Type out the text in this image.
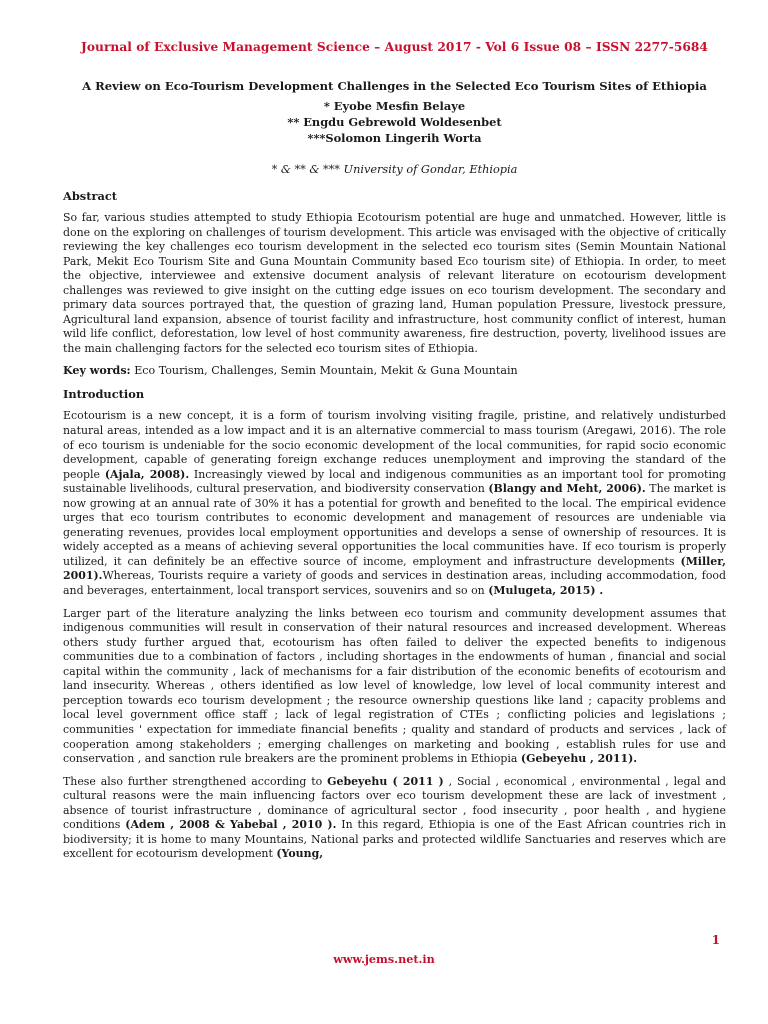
Journal of Exclusive Management Science – August 2017 - Vol 6 Issue 08 – ISSN 2277-5684
A Review on Eco-Tourism Development Challenges in the Selected Eco Tourism Sites of Ethiopia
* Eyobe Mesfin Belaye
** Engdu Gebrewold Woldesenbet
***Solomon Lingerih Worta
* & ** & *** University of Gondar, Ethiopia
Abstract

So far, various studies attempted to study Ethiopia Ecotourism potential are huge and unmatched. However, little is done on the exploring on challenges of tourism development. This article was envisaged with the objective of critically reviewing the key challenges eco tourism development in the selected eco tourism sites (Semin Mountain National Park, Mekit Eco Tourism Site and Guna Mountain Community based Eco tourism site) of Ethiopia. In order, to meet the objective, interviewee and extensive document analysis of relevant literature on ecotourism development challenges was reviewed to give insight on the cutting edge issues on eco tourism development. The secondary and primary data sources portrayed that, the question of grazing land, Human population Pressure, livestock pressure, Agricultural land expansion, absence of tourist facility and infrastructure, host community conflict of interest, human wild life conflict, deforestation, low level of host community awareness, fire destruction, poverty, livelihood issues are the main challenging factors for the selected eco tourism sites of Ethiopia.

Key words: Eco Tourism, Challenges, Semin Mountain, Mekit & Guna Mountain
Introduction

Ecotourism is a new concept, it is a form of tourism involving visiting fragile, pristine, and relatively undisturbed natural areas, intended as a low impact and it is an alternative commercial to mass tourism (Aregawi, 2016). The role of eco tourism is undeniable for the socio economic development of the local communities, for rapid socio economic development, capable of generating foreign exchange reduces unemployment and improving the standard of the people (Ajala, 2008). Increasingly viewed by local and indigenous communities as an important tool for promoting sustainable livelihoods, cultural preservation, and biodiversity conservation (Blangy and Meht, 2006). The market is now growing at an annual rate of 30% it has a potential for growth and benefited to the local. The empirical evidence urges that eco tourism contributes to economic development and management of resources are undeniable via generating revenues, provides local employment opportunities and develops a sense of ownership of resources. It is widely accepted as a means of achieving several opportunities the local communities have. If eco tourism is properly utilized, it can definitely be an effective source of income, employment and infrastructure developments (Miller, 2001).Whereas, Tourists require a variety of goods and services in destination areas, including accommodation, food and beverages, entertainment, local transport services, souvenirs and so on (Mulugeta, 2015) .

Larger part of the literature analyzing the links between eco tourism and community development assumes that indigenous communities will result in conservation of their natural resources and increased development. Whereas others study further argued that, ecotourism has often failed to deliver the expected benefits to indigenous communities due to a combination of factors , including shortages in the endowments of human , financial and social capital within the community , lack of mechanisms for a fair distribution of the economic benefits of ecotourism and land insecurity. Whereas , others identified as low level of knowledge, low level of local community interest and perception towards eco tourism development ; the resource ownership questions like land ; capacity problems and local level government office staff ; lack of legal registration of CTEs ; conflicting policies and legislations ; communities ' expectation for immediate financial benefits ; quality and standard of products and services , lack of cooperation among stakeholders ; emerging challenges on marketing and booking , establish rules for use and conservation , and sanction rule breakers are the prominent problems in Ethiopia (Gebeyehu , 2011).

These also further strengthened according to Gebeyehu ( 2011 ) , Social , economical , environmental , legal and cultural reasons were the main influencing factors over eco tourism development these are lack of investment , absence of tourist infrastructure , dominance of agricultural sector , food insecurity , poor health , and hygiene conditions (Adem , 2008 & Yabebal , 2010 ). In this regard, Ethiopia is one of the East African countries rich in biodiversity; it is home to many Mountains, National parks and protected wildlife Sanctuaries and reserves which are excellent for ecotourism development (Young,

1
www.jems.net.in
